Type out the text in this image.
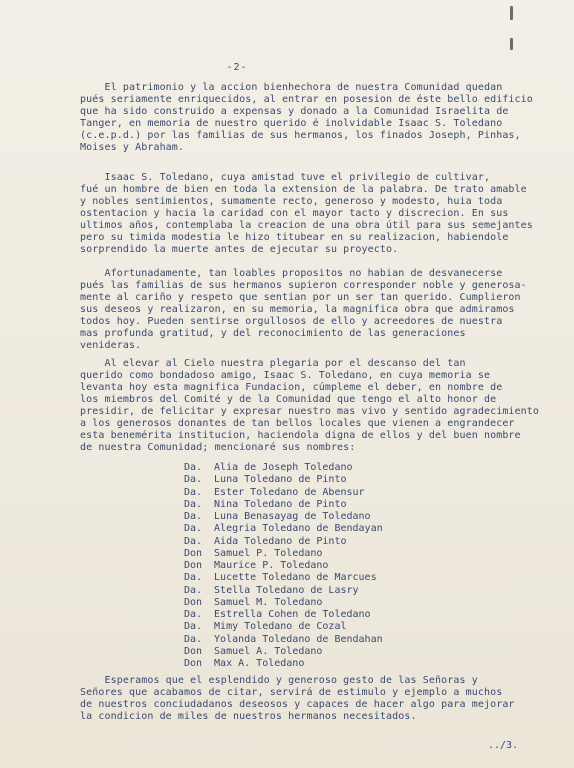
-2-

El patrimonio y la accion bienhechora de nuestra Comunidad quedan
pués seriamente enriquecidos, al entrar en posesion de éste bello edificio
que ha sido construido a expensas y donado a la Comunidad Israelita de
Tanger, en memoria de nuestro querido é inolvidable Isaac S. Toledano
(c.e.p.d.) por las familias de sus hermanos, los finados Joseph, Pinhas,
Moises y Abraham.

Isaac S. Toledano, cuya amistad tuve el privilegio de cultivar,
fué un hombre de bien en toda la extension de la palabra. De trato amable
y nobles sentimientos, sumamente recto, generoso y modesto, huia toda
ostentacion y hacia la caridad con el mayor tacto y discrecion. En sus
ultimos años, contemplaba la creacion de una obra útil para sus semejantes
pero su timida modestia le hizo titubear en su realizacion, habiendole
sorprendido la muerte antes de ejecutar su proyecto.

Afortunadamente, tan loables propositos no habian de desvanecerse
pués las familias de sus hermanos supieron corresponder noble y generosa-
mente al cariño y respeto que sentian por un ser tan querido. Cumplieron
sus deseos y realizaron, en su memoria, la magnifica obra que admiramos
todos hoy. Pueden sentirse orgullosos de ello y acreedores de nuestra
mas profunda gratitud, y del reconocimiento de las generaciones
venideras.

Al elevar al Cielo nuestra plegaria por el descanso del tan
querido como bondadoso amigo, Isaac S. Toledano, en cuya memoria se
levanta hoy esta magnifica Fundacion, cúmpleme el deber, en nombre de
los miembros del Comité y de la Comunidad que tengo el alto honor de
presidir, de felicitar y expresar nuestro mas vivo y sentido agradecimiento
a los generosos donantes de tan bellos locales que vienen a engrandecer
esta benemérita institucion, haciendola digna de ellos y del buen nombre
de nuestra Comunidad; mencionaré sus nombres:

Da. Alia de Joseph Toledano
Da. Luna Toledano de Pinto
Da. Ester Toledano de Abensur
Da. Nina Toledano de Pinto
Da. Luna Benasayag de Toledano
Da. Alegria Toledano de Bendayan
Da. Aida Toledano de Pinto
Don Samuel P. Toledano
Don Maurice P. Toledano
Da. Lucette Toledano de Marcues
Da. Stella Toledano de Lasry
Don Samuel M. Toledano
Da. Estrella Cohen de Toledano
Da. Mimy Toledano de Cozal
Da. Yolanda Toledano de Bendahan
Don Samuel A. Toledano
Don Max A. Toledano

Esperamos que el esplendido y generoso gesto de las Señoras y
Señores que acabamos de citar, servirá de estimulo y ejemplo a muchos
de nuestros conciudadanos deseosos y capaces de hacer algo para mejorar
la condicion de miles de nuestros hermanos necesitados.

../3.
